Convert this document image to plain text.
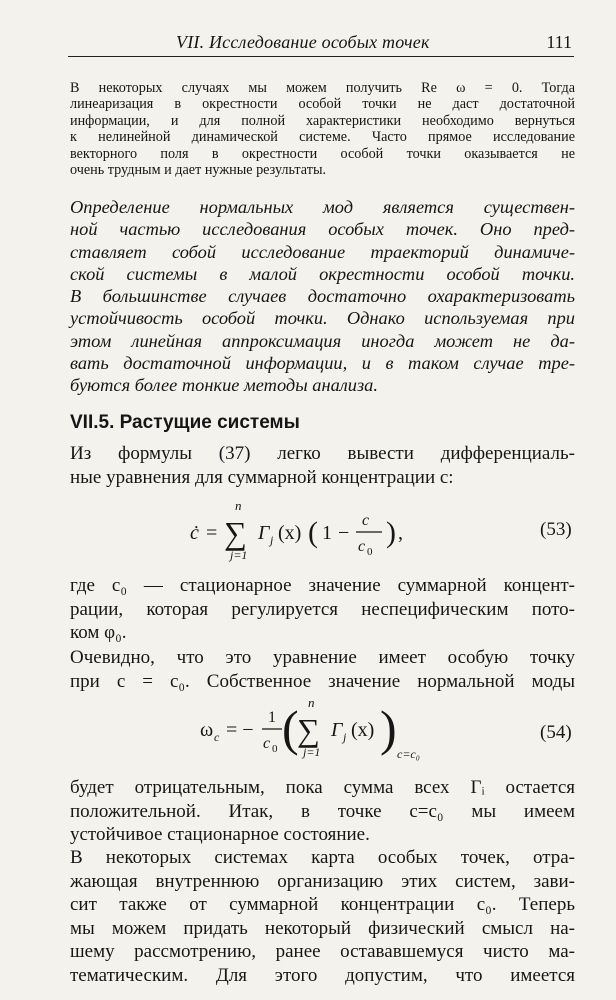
VII. Исследование особых точек	111
В некоторых случаях мы можем получить Re ω = 0. Тогда
линеаризация в окрестности особой точки не даст достаточной
информации, и для полной характеристики необходимо вернуться
к нелинейной динамической системе. Часто прямое исследование
векторного поля в окрестности особой точки оказывается не
очень трудным и дает нужные результаты.
Определение нормальных мод является существен-
ной частью исследования особых точек. Оно пред-
ставляет собой исследование траекторий динамиче-
ской системы в малой окрестности особой точки.
В большинстве случаев достаточно охарактеризовать
устойчивость особой точки. Однако используемая при
этом линейная аппроксимация иногда может не да-
вать достаточной информации, и в таком случае тре-
буются более тонкие методы анализа.
VII.5. Растущие системы
Из формулы (37) легко вывести дифференциаль-
ные уравнения для суммарной концентрации c:
ċ =
n
∑
j=1
Γ j (x) ( 1 −
c
c 0
) ,	(53)
где c₀ — стационарное значение суммарной концент-
рации, которая регулируется неспецифическим пото-
ком φ₀.
Очевидно, что это уравнение имеет особую точку
при c = c₀. Собственное значение нормальной моды
ω c = −
1
c 0 ( n
∑
j=1
Γ j (x) ) c=c₀
(54)
будет отрицательным, пока сумма всех Γᵢ остается
положительной. Итак, в точке c=c₀ мы имеем
устойчивое стационарное состояние.
В некоторых системах карта особых точек, отра-
жающая внутреннюю организацию этих систем, зави-
сит также от суммарной концентрации c₀. Теперь
мы можем придать некоторый физический смысл на-
шему рассмотрению, ранее остававшемуся чисто ма-
тематическим. Для этого допустим, что имеется
